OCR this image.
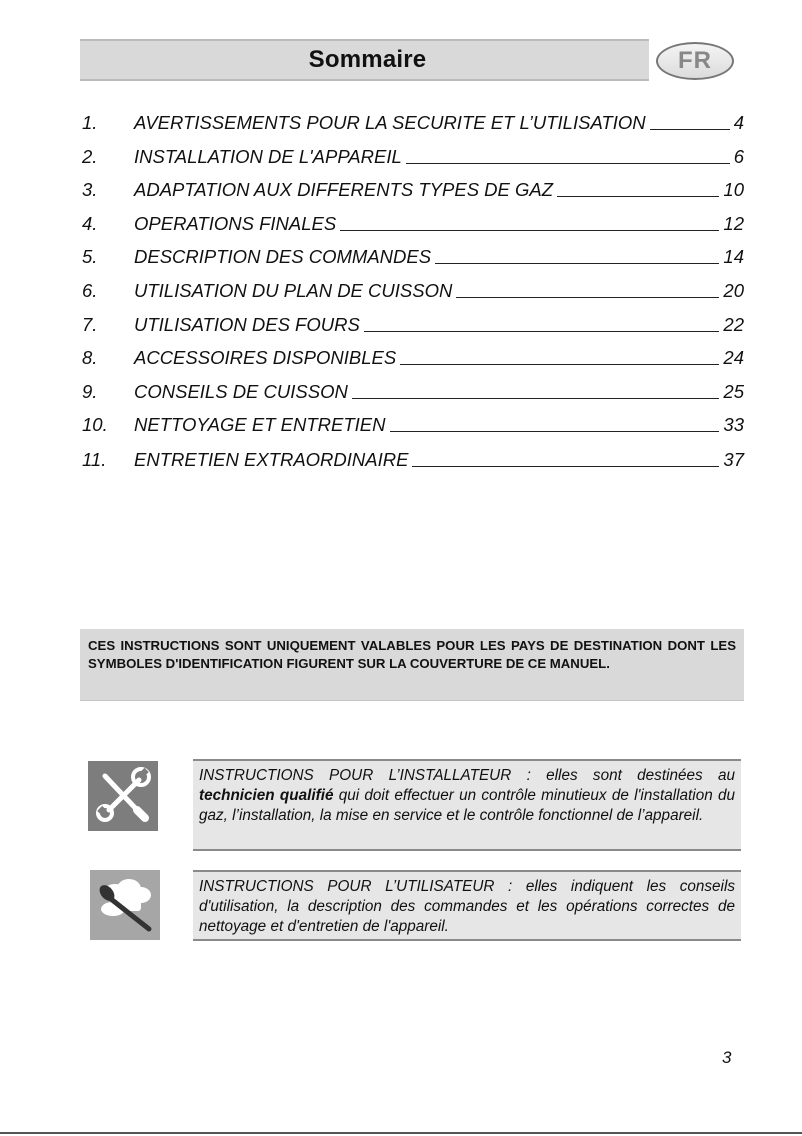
Sommaire	FR
1.	AVERTISSEMENTS POUR LA SECURITE ET L’UTILISATION	4
2.	INSTALLATION DE L'APPAREIL	6
3.	ADAPTATION AUX DIFFERENTS TYPES DE GAZ	10
4.	OPERATIONS FINALES	12
5.	DESCRIPTION DES COMMANDES	14
6.	UTILISATION DU PLAN DE CUISSON	20
7.	UTILISATION DES FOURS	22
8.	ACCESSOIRES DISPONIBLES	24
9.	CONSEILS DE CUISSON	25
10.	NETTOYAGE ET ENTRETIEN	33
11.	ENTRETIEN EXTRAORDINAIRE	37
CES INSTRUCTIONS SONT UNIQUEMENT VALABLES POUR LES PAYS DE DESTINATION DONT LES SYMBOLES D'IDENTIFICATION FIGURENT SUR LA COUVERTURE DE CE MANUEL.
INSTRUCTIONS POUR L’INSTALLATEUR : elles sont destinées au technicien qualifié qui doit effectuer un contrôle minutieux de l'installation du gaz, l’installation, la mise en service et le contrôle fonctionnel de l’appareil.
INSTRUCTIONS POUR L’UTILISATEUR : elles indiquent les conseils d'utilisation, la description des commandes et les opérations correctes de nettoyage et d'entretien de l'appareil.
3
